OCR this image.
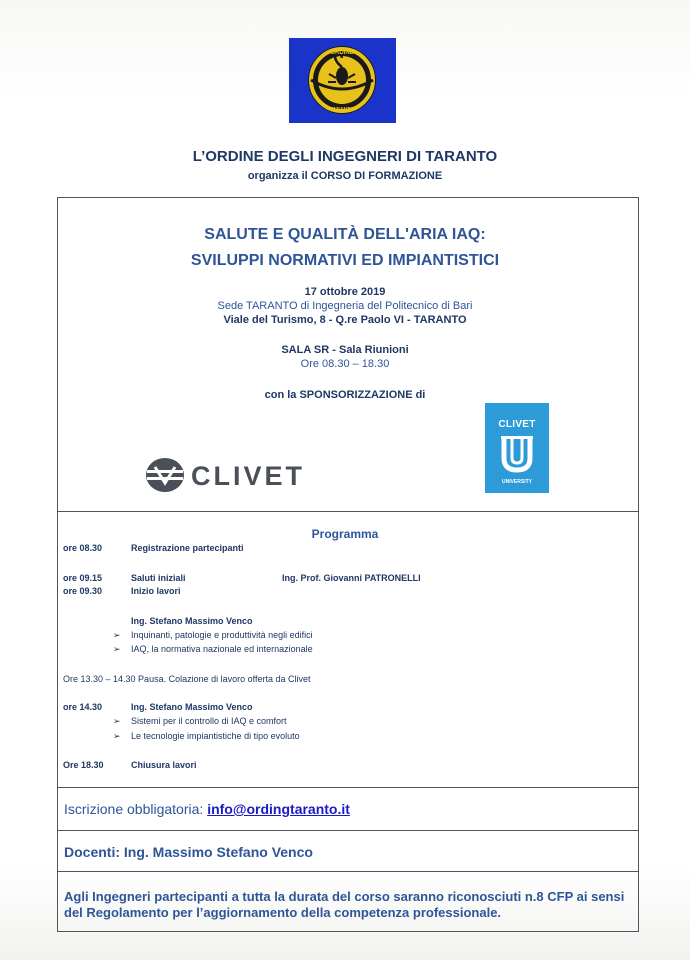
ORDINE
TARANTO
L’ORDINE DEGLI INGEGNERI DI TARANTO
organizza il CORSO DI FORMAZIONE
SALUTE E QUALITÀ DELL'ARIA IAQ:
SVILUPPI NORMATIVI ED IMPIANTISTICI
17 ottobre 2019
Sede TARANTO di Ingegneria del Politecnico di Bari
Viale del Turismo, 8 - Q.re Paolo VI - TARANTO
SALA SR - Sala Riunioni
Ore 08.30 – 18.30
con la SPONSORIZZAZIONE di
CLIVET
CLIVET
UNIVERSITY
Programma
ore 08.30	Registrazione partecipanti
ore 09.15	Saluti iniziali	Ing. Prof. Giovanni PATRONELLI
ore 09.30	Inizio lavori
Ing. Stefano Massimo Venco
➢ Inquinanti, patologie e produttività negli edifici
➢ IAQ, la normativa nazionale ed internazionale
Ore 13.30 – 14.30 Pausa. Colazione di lavoro offerta da Clivet
ore 14.30	Ing. Stefano Massimo Venco
➢ Sistemi per il controllo di IAQ e comfort
➢ Le tecnologie impiantistiche di tipo evoluto
Ore 18.30	Chiusura lavori
Iscrizione obbligatoria: info@ordingtaranto.it
Docenti: Ing. Massimo Stefano Venco
Agli Ingegneri partecipanti a tutta la durata del corso saranno riconosciuti n.8 CFP ai sensi del Regolamento per l’aggiornamento della competenza professionale.
